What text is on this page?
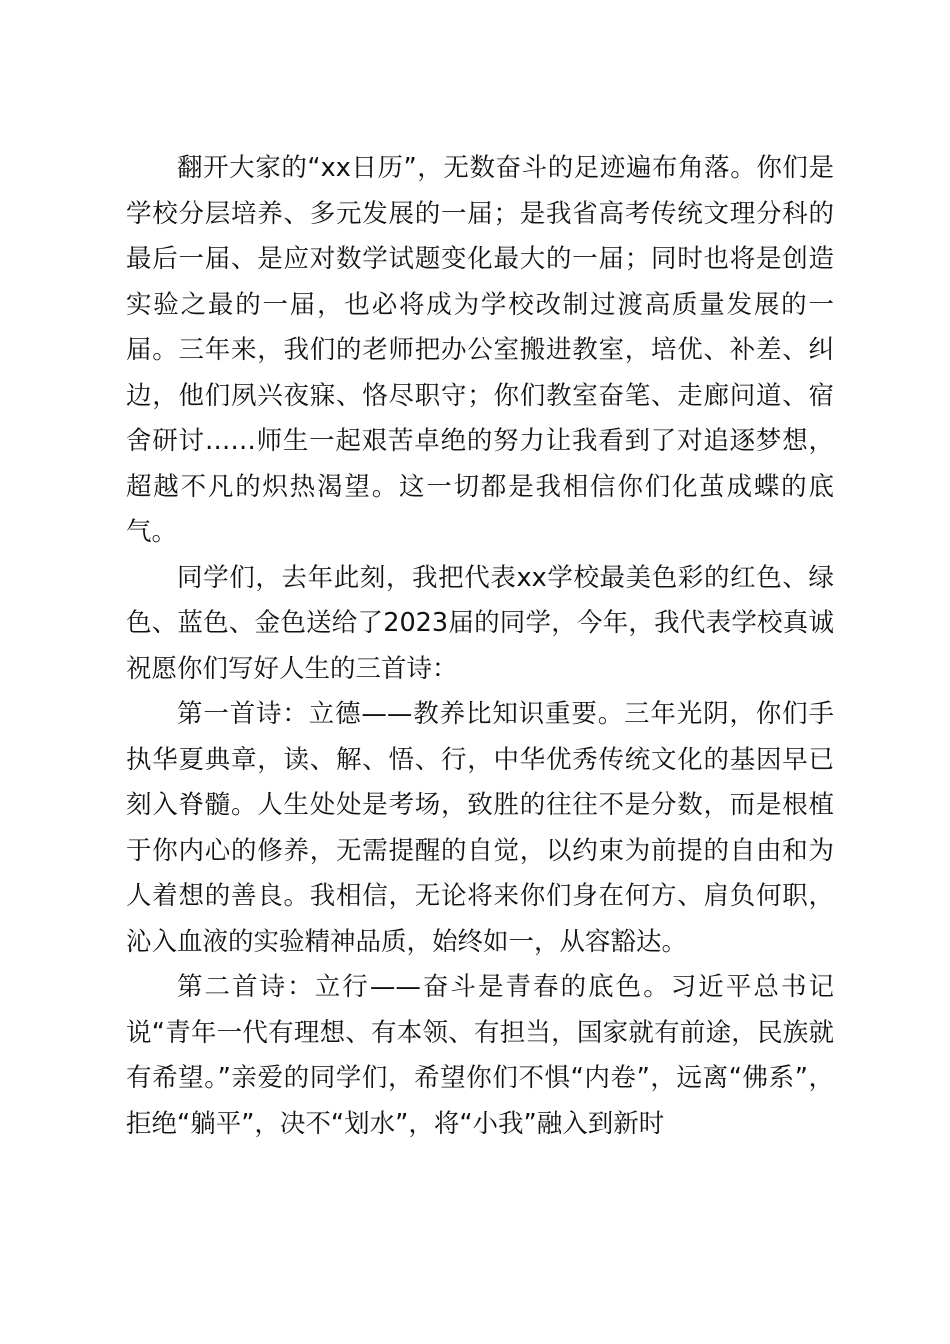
翻开大家的“xx日历”，无数奋斗的足迹遍布角落。你们是学校分层培养、多元发展的一届；是我省高考传统文理分科的最后一届、是应对数学试题变化最大的一届；同时也将是创造实验之最的一届，也必将成为学校改制过渡高质量发展的一届。三年来，我们的老师把办公室搬进教室，培优、补差、纠边，他们夙兴夜寐、恪尽职守；你们教室奋笔、走廊问道、宿舍研讨……师生一起艰苦卓绝的努力让我看到了对追逐梦想，超越不凡的炽热渴望。这一切都是我相信你们化茧成蝶的底气。

同学们，去年此刻，我把代表xx学校最美色彩的红色、绿色、蓝色、金色送给了2023届的同学，今年，我代表学校真诚祝愿你们写好人生的三首诗：

第一首诗：立德——教养比知识重要。三年光阴，你们手执华夏典章，读、解、悟、行，中华优秀传统文化的基因早已刻入脊髓。人生处处是考场，致胜的往往不是分数，而是根植于你内心的修养，无需提醒的自觉，以约束为前提的自由和为人着想的善良。我相信，无论将来你们身在何方、肩负何职，沁入血液的实验精神品质，始终如一，从容豁达。

第二首诗：立行——奋斗是青春的底色。习近平总书记说“青年一代有理想、有本领、有担当，国家就有前途，民族就有希望。”亲爱的同学们，希望你们不惧“内卷”，远离“佛系”，拒绝“躺平”，决不“划水”，将“小我”融入到新时
